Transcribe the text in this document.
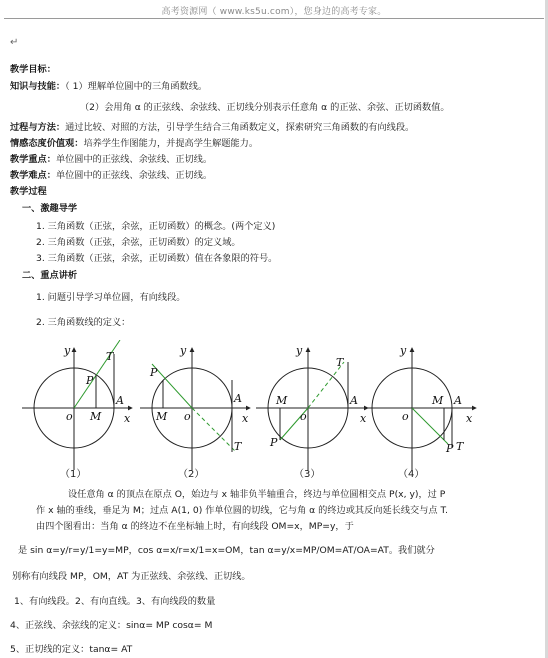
高考资源网（ www.ks5u.com），您身边的高考专家。
↵
教学目标：
知识与技能：（ 1）理解单位圆中的三角函数线。
（2）会用角 α 的正弦线、余弦线、正切线分别表示任意角 α 的正弦、余弦、正切函数值。
过程与方法：通过比较、对照的方法，引导学生结合三角函数定义，探索研究三角函数的有向线段。
情感态度价值观：培养学生作图能力，并提高学生解题能力。
教学重点：单位圆中的正弦线、余弦线、正切线。
教学难点：单位圆中的正弦线、余弦线、正切线。
教学过程
一、激趣导学
1. 三角函数（正弦，余弦，正切函数）的概念。(两个定义)
2. 三角函数（正弦，余弦，正切函数）的定义域。
3. 三角函数（正弦，余弦，正切函数）值在各象限的符号。
二、重点讲析
1. 问题引导学习单位圆，有向线段。
2. 三角函数线的定义：
y	T
P
A
o M x
y
P
A
M o	x
T
y
T
M	A
o	x
P
y
M A
o	x
P T
（1）	（2）	（3）	（4）
设任意角 α 的顶点在原点 O，始边与 x 轴非负半轴重合，终边与单位圆相交点 P(x, y)，过 P
作 x 轴的垂线，垂足为 M；过点 A(1, 0) 作单位圆的切线，它与角 α 的终边或其反向延长线交与点 T.
由四个图看出：当角 α 的终边不在坐标轴上时，有向线段 OM=x，MP=y，于
是 sin α=y/r=y/1=y=MP，cos α=x/r=x/1=x=OM，tan α=y/x=MP/OM=AT/OA=AT。我们就分
别称有向线段 MP，OM，AT 为正弦线、余弦线、正切线。
1、有向线段。2、有向直线。3、有向线段的数量
4、正弦线、余弦线的定义：sinα= MP cosα= M
5、正切线的定义：tanα= AT
